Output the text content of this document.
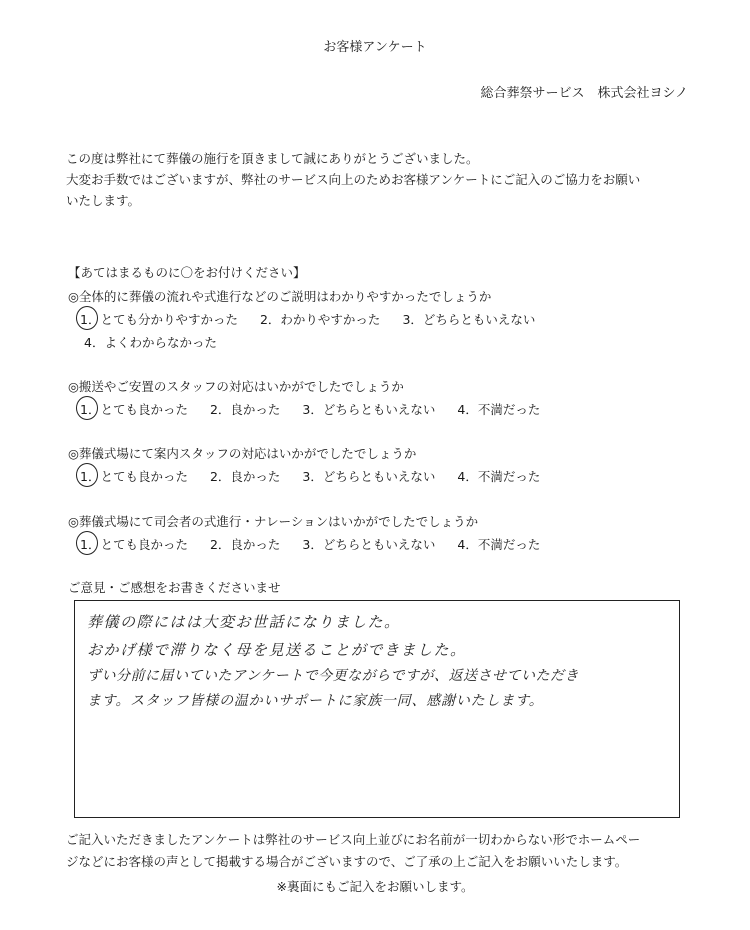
お客様アンケート
総合葬祭サービス　株式会社ヨシノ
この度は弊社にて葬儀の施行を頂きまして誠にありがとうございました。
大変お手数ではございますが、弊社のサービス向上のためお客様アンケートにご記入のご協力をお願い
いたします。
【あてはまるものに〇をお付けください】
◎全体的に葬儀の流れや式進行などのご説明はわかりやすかったでしょうか
1．とても分かりやすかった 2．わかりやすかった 3．どちらともいえない
4．よくわからなかった
◎搬送やご安置のスタッフの対応はいかがでしたでしょうか
1．とても良かった 2．良かった 3．どちらともいえない 4．不満だった
◎葬儀式場にて案内スタッフの対応はいかがでしたでしょうか
1．とても良かった 2．良かった 3．どちらともいえない 4．不満だった
◎葬儀式場にて司会者の式進行・ナレーションはいかがでしたでしょうか
1．とても良かった 2．良かった 3．どちらともいえない 4．不満だった
ご意見・ご感想をお書きくださいませ
葬儀の際にはは大変お世話になりました。
おかげ様で滞りなく母を見送ることができました。
ずい分前に届いていたアンケートで今更ながらですが、返送させていただき
ます。スタッフ皆様の温かいサポートに家族一同、感謝いたします。
ご記入いただきましたアンケートは弊社のサービス向上並びにお名前が一切わからない形でホームペー
ジなどにお客様の声として掲載する場合がございますので、ご了承の上ご記入をお願いいたします。
※裏面にもご記入をお願いします。
